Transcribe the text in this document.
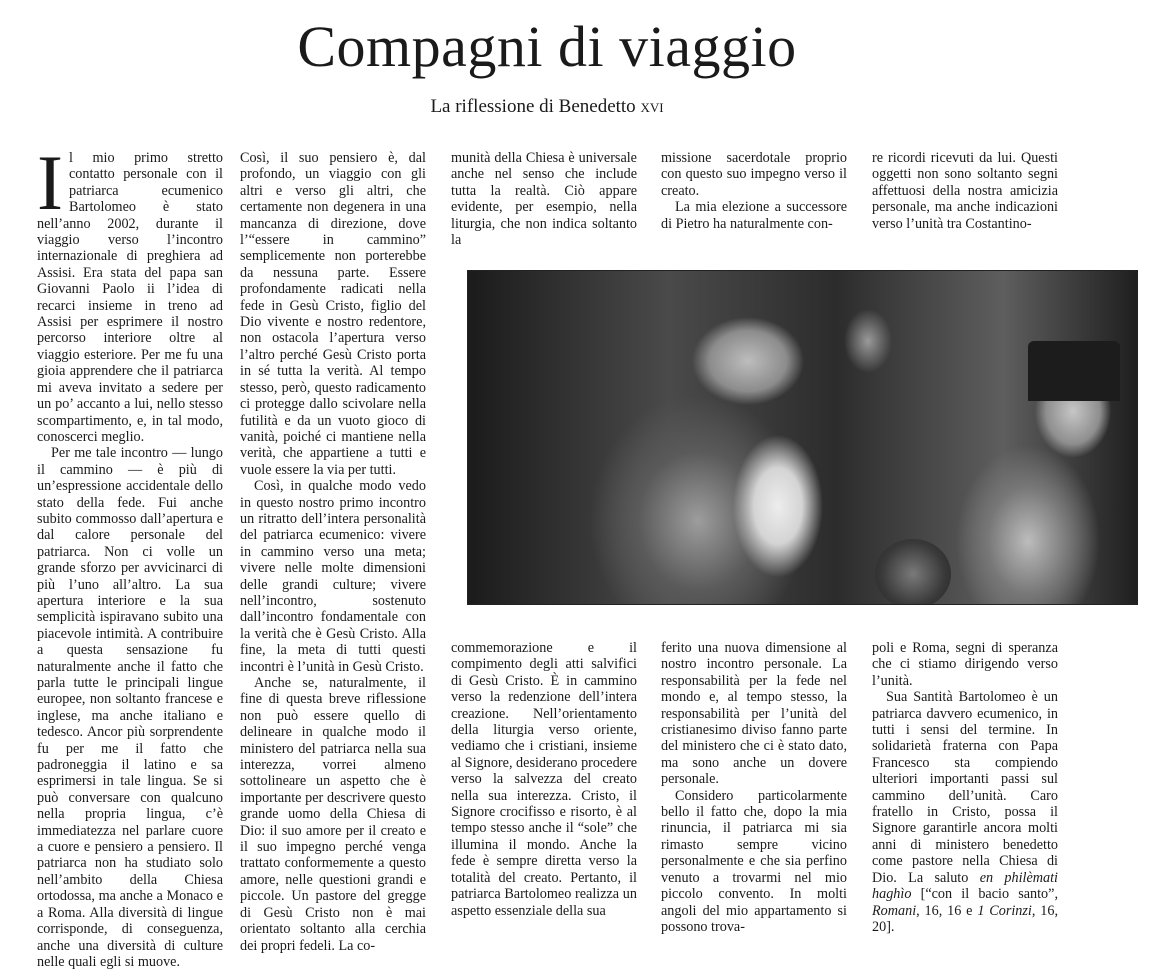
Compagni di viaggio
La riflessione di Benedetto xvi

Il mio primo stretto contatto personale con il patriarca ecumenico Bartolomeo è stato nell’anno 2002, durante il viaggio verso l’incontro internazionale di preghiera ad Assisi. Era stata del papa san Giovanni Paolo ii l’idea di recarci insieme in treno ad Assisi per esprimere il nostro percorso interiore oltre al viaggio esteriore. Per me fu una gioia apprendere che il patriarca mi aveva invitato a sedere per un po’ accanto a lui, nello stesso scompartimento, e, in tal modo, conoscerci meglio.

Per me tale incontro — lungo il cammino — è più di un’espressione accidentale dello stato della fede. Fui anche subito commosso dall’apertura e dal calore personale del patriarca. Non ci volle un grande sforzo per avvicinarci di più l’uno all’altro. La sua apertura interiore e la sua semplicità ispiravano subito una piacevole intimità. A contribuire a questa sensazione fu naturalmente anche il fatto che parla tutte le principali lingue europee, non soltanto francese e inglese, ma anche italiano e tedesco. Ancor più sorprendente fu per me il fatto che padroneggia il latino e sa esprimersi in tale lingua. Se si può conversare con qualcuno nella propria lingua, c’è immediatezza nel parlare cuore a cuore e pensiero a pensiero. Il patriarca non ha studiato solo nell’ambito della Chiesa ortodossa, ma anche a Monaco e a Roma. Alla diversità di lingue corrisponde, di conseguenza, anche una diversità di culture nelle quali egli si muove.

Così, il suo pensiero è, dal profondo, un viaggio con gli altri e verso gli altri, che certamente non degenera in una mancanza di direzione, dove l’“essere in cammino” semplicemente non porterebbe da nessuna parte. Essere profondamente radicati nella fede in Gesù Cristo, figlio del Dio vivente e nostro redentore, non ostacola l’apertura verso l’altro perché Gesù Cristo porta in sé tutta la verità. Al tempo stesso, però, questo radicamento ci protegge dallo scivolare nella futilità e da un vuoto gioco di vanità, poiché ci mantiene nella verità, che appartiene a tutti e vuole essere la via per tutti.

Così, in qualche modo vedo in questo nostro primo incontro un ritratto dell’intera personalità del patriarca ecumenico: vivere in cammino verso una meta; vivere nelle molte dimensioni delle grandi culture; vivere nell’incontro, sostenuto dall’incontro fondamentale con la verità che è Gesù Cristo. Alla fine, la meta di tutti questi incontri è l’unità in Gesù Cristo.

Anche se, naturalmente, il fine di questa breve riflessione non può essere quello di delineare in qualche modo il ministero del patriarca nella sua interezza, vorrei almeno sottolineare un aspetto che è importante per descrivere questo grande uomo della Chiesa di Dio: il suo amore per il creato e il suo impegno perché venga trattato conformemente a questo amore, nelle questioni grandi e piccole. Un pastore del gregge di Gesù Cristo non è mai orientato soltanto alla cerchia dei propri fedeli. La co-

munità della Chiesa è universale anche nel senso che include tutta la realtà. Ciò appare evidente, per esempio, nella liturgia, che non indica soltanto la

missione sacerdotale proprio con questo suo impegno verso il creato.

La mia elezione a successore di Pietro ha naturalmente con-

re ricordi ricevuti da lui. Questi oggetti non sono soltanto segni affettuosi della nostra amicizia personale, ma anche indicazioni verso l’unità tra Costantino-

commemorazione e il compimento degli atti salvifici di Gesù Cristo. È in cammino verso la redenzione dell’intera creazione. Nell’orientamento della liturgia verso oriente, vediamo che i cristiani, insieme al Signore, desiderano procedere verso la salvezza del creato nella sua interezza. Cristo, il Signore crocifisso e risorto, è al tempo stesso anche il “sole” che illumina il mondo. Anche la fede è sempre diretta verso la totalità del creato. Pertanto, il patriarca Bartolomeo realizza un aspetto essenziale della sua

ferito una nuova dimensione al nostro incontro personale. La responsabilità per la fede nel mondo e, al tempo stesso, la responsabilità per l’unità del cristianesimo diviso fanno parte del ministero che ci è stato dato, ma sono anche un dovere personale.

Considero particolarmente bello il fatto che, dopo la mia rinuncia, il patriarca mi sia rimasto sempre vicino personalmente e che sia perfino venuto a trovarmi nel mio piccolo convento. In molti angoli del mio appartamento si possono trova-

poli e Roma, segni di speranza che ci stiamo dirigendo verso l’unità.

Sua Santità Bartolomeo è un patriarca davvero ecumenico, in tutti i sensi del termine. In solidarietà fraterna con Papa Francesco sta compiendo ulteriori importanti passi sul cammino dell’unità. Caro fratello in Cristo, possa il Signore garantirle ancora molti anni di ministero benedetto come pastore nella Chiesa di Dio. La saluto en philèmati haghìo [“con il bacio santo”, Romani, 16, 16 e 1 Corinzi, 16, 20].
